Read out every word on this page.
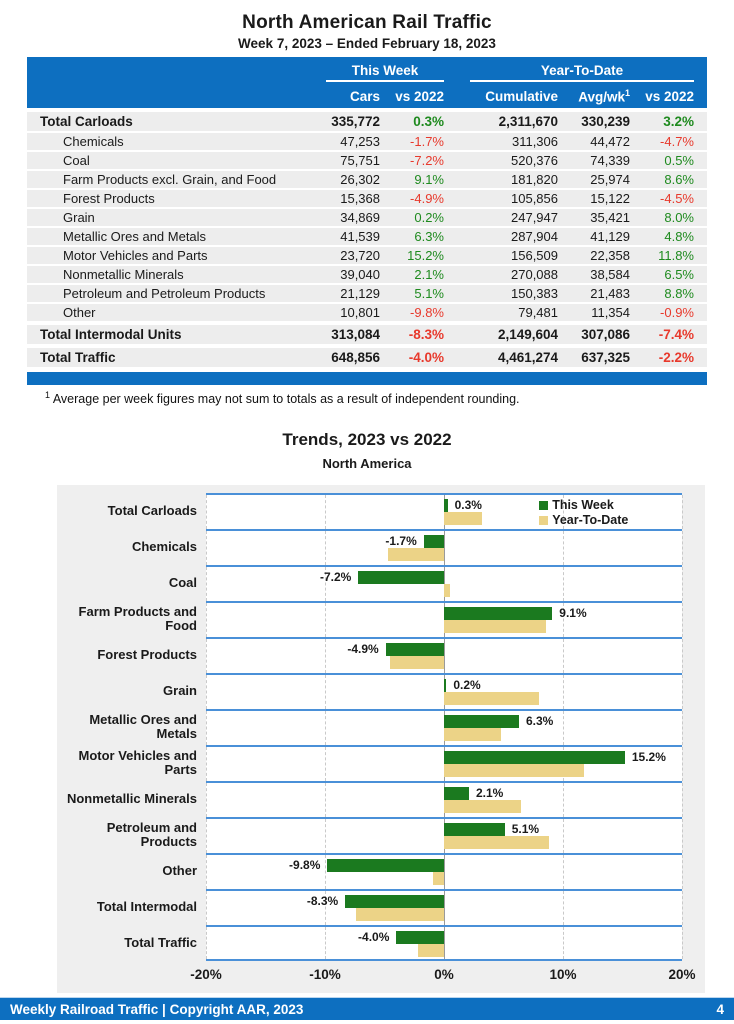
North American Rail Traffic
Week 7, 2023 – Ended February 18, 2023
This Week	Year-To-Date
Cars	vs 2022	Cumulative	Avg/$wk^1$	vs 2022
Total Carloads	335,772	0.3%	2,311,670	330,239	3.2%
Chemicals	47,253	-1.7%	311,306	44,472	-4.7%
Coal	75,751	-7.2%	520,376	74,339	0.5%
Farm Products excl. Grain, and Food	26,302	9.1%	181,820	25,974	8.6%
Forest Products	15,368	-4.9%	105,856	15,122	-4.5%
Grain	34,869	0.2%	247,947	35,421	8.0%
Metallic Ores and Metals	41,539	6.3%	287,904	41,129	4.8%
Motor Vehicles and Parts	23,720	15.2%	156,509	22,358	11.8%
Nonmetallic Minerals	39,040	2.1%	270,088	38,584	6.5%
Petroleum and Petroleum Products	21,129	5.1%	150,383	21,483	8.8%
Other	10,801	-9.8%	79,481	11,354	-0.9%
Total Intermodal Units	313,084	-8.3%	2,149,604	307,086	-7.4%
Total Traffic	648,856	-4.0%	4,461,274	637,325	-2.2%
$^1$ Average per week figures may not sum to totals as a result of independent rounding.
Trends, 2023 vs 2022
North America
Total Carloads	0.3%	This Week
Year-To-Date
Chemicals	-1.7%
Coal	-7.2%
Farm Products and Food
9.1%
Forest Products	-4.9%
Grain	0.2%
Metallic Ores and Metals
6.3%
Motor Vehicles and Parts
15.2%
Nonmetallic Minerals	2.1%
Petroleum and Products
5.1%
Other	-9.8%
Total Intermodal	-8.3%
Total Traffic	-4.0%
-20%	-10%	0%	10%	20%
Weekly Railroad Traffic | Copyright AAR, 2023	4
